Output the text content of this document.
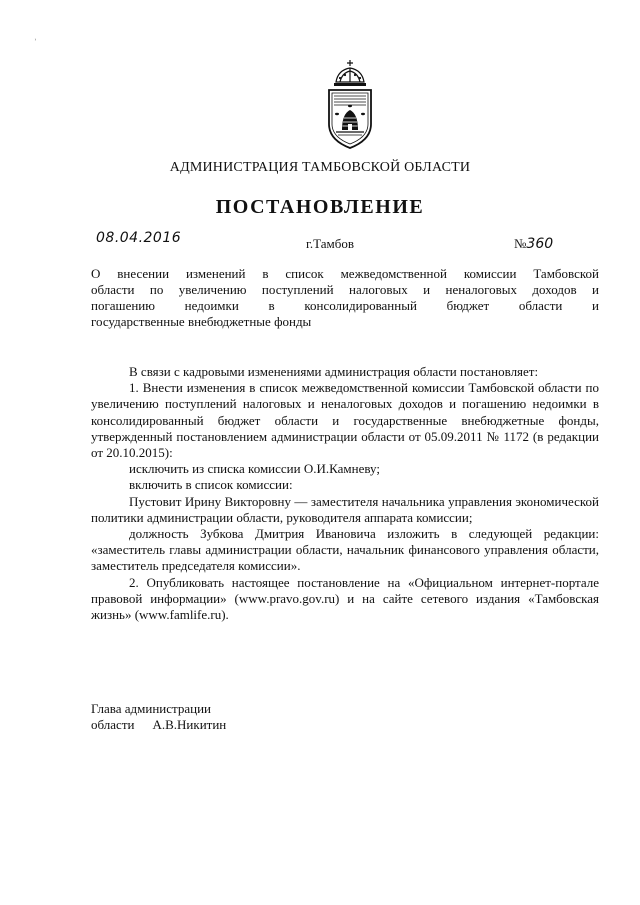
АДМИНИСТРАЦИЯ ТАМБОВСКОЙ ОБЛАСТИ
ПОСТАНОВЛЕНИЕ
08.04.2016	г.Тамбов	№360
О внесении изменений в список межведомственной комиссии Тамбовской
области по увеличению поступлений налоговых и неналоговых доходов и
погашению недоимки в консолидированный бюджет области и
государственные внебюджетные фонды

В связи с кадровыми изменениями администрация области постановляет:

1. Внести изменения в список межведомственной комиссии Тамбовской области по увеличению поступлений налоговых и неналоговых доходов и погашению недоимки в консолидированный бюджет области и государственные внебюджетные фонды, утвержденный постановлением администрации области от 05.09.2011 № 1172 (в редакции от 20.10.2015):

исключить из списка комиссии О.И.Камневу;

включить в список комиссии:

Пустовит Ирину Викторовну — заместителя начальника управления экономической политики администрации области, руководителя аппарата комиссии;

должность Зубкова Дмитрия Ивановича изложить в следующей редакции: «заместитель главы администрации области, начальник финансового управления области, заместитель председателя комиссии».

2. Опубликовать настоящее постановление на «Официальном интернет-портале правовой информации» (www.pravo.gov.ru) и на сайте сетевого издания «Тамбовская жизнь» (www.famlife.ru).

Глава администрации
области А.В.Никитин
ʾ
